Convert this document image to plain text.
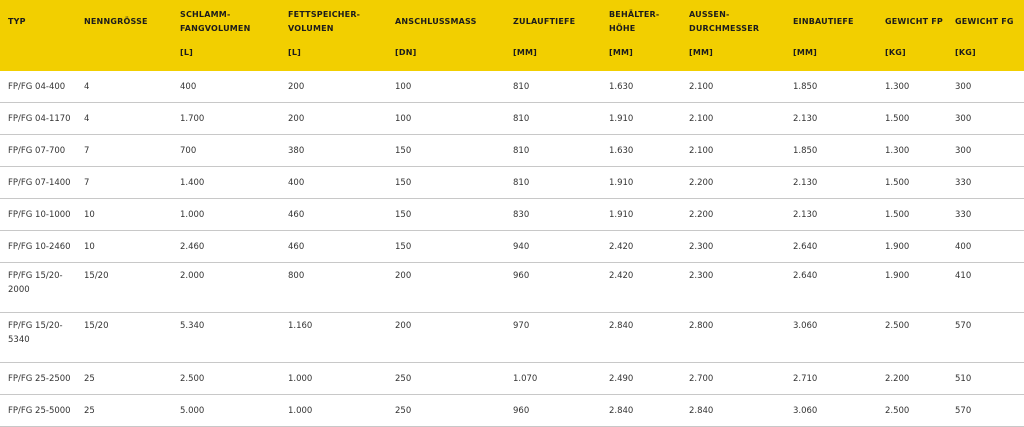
TYP	NENNGRÖSSE	SCHLAMM-FANGVOLUMEN	FETTSPEICHER-VOLUMEN	ANSCHLUSSMASS	ZULAUFTIEFE	BEHÄLTER-HÖHE	AUSSEN-DURCHMESSER	EINBAUTIEFE	GEWICHT FP	GEWICHT FG
		[L]	[L]	[DN]	[MM]	[MM]	[MM]	[MM]	[KG]	[KG]
FP/FG 04-400	4	400	200	100	810	1.630	2.100	1.850	1.300	300
FP/FG 04-1170	4	1.700	200	100	810	1.910	2.100	2.130	1.500	300
FP/FG 07-700	7	700	380	150	810	1.630	2.100	1.850	1.300	300
FP/FG 07-1400	7	1.400	400	150	810	1.910	2.200	2.130	1.500	330
FP/FG 10-1000	10	1.000	460	150	830	1.910	2.200	2.130	1.500	330
FP/FG 10-2460	10	2.460	460	150	940	2.420	2.300	2.640	1.900	400
FP/FG 15/20-2000	15/20	2.000	800	200	960	2.420	2.300	2.640	1.900	410
FP/FG 15/20-5340	15/20	5.340	1.160	200	970	2.840	2.800	3.060	2.500	570
FP/FG 25-2500	25	2.500	1.000	250	1.070	2.490	2.700	2.710	2.200	510
FP/FG 25-5000	25	5.000	1.000	250	960	2.840	2.840	3.060	2.500	570
